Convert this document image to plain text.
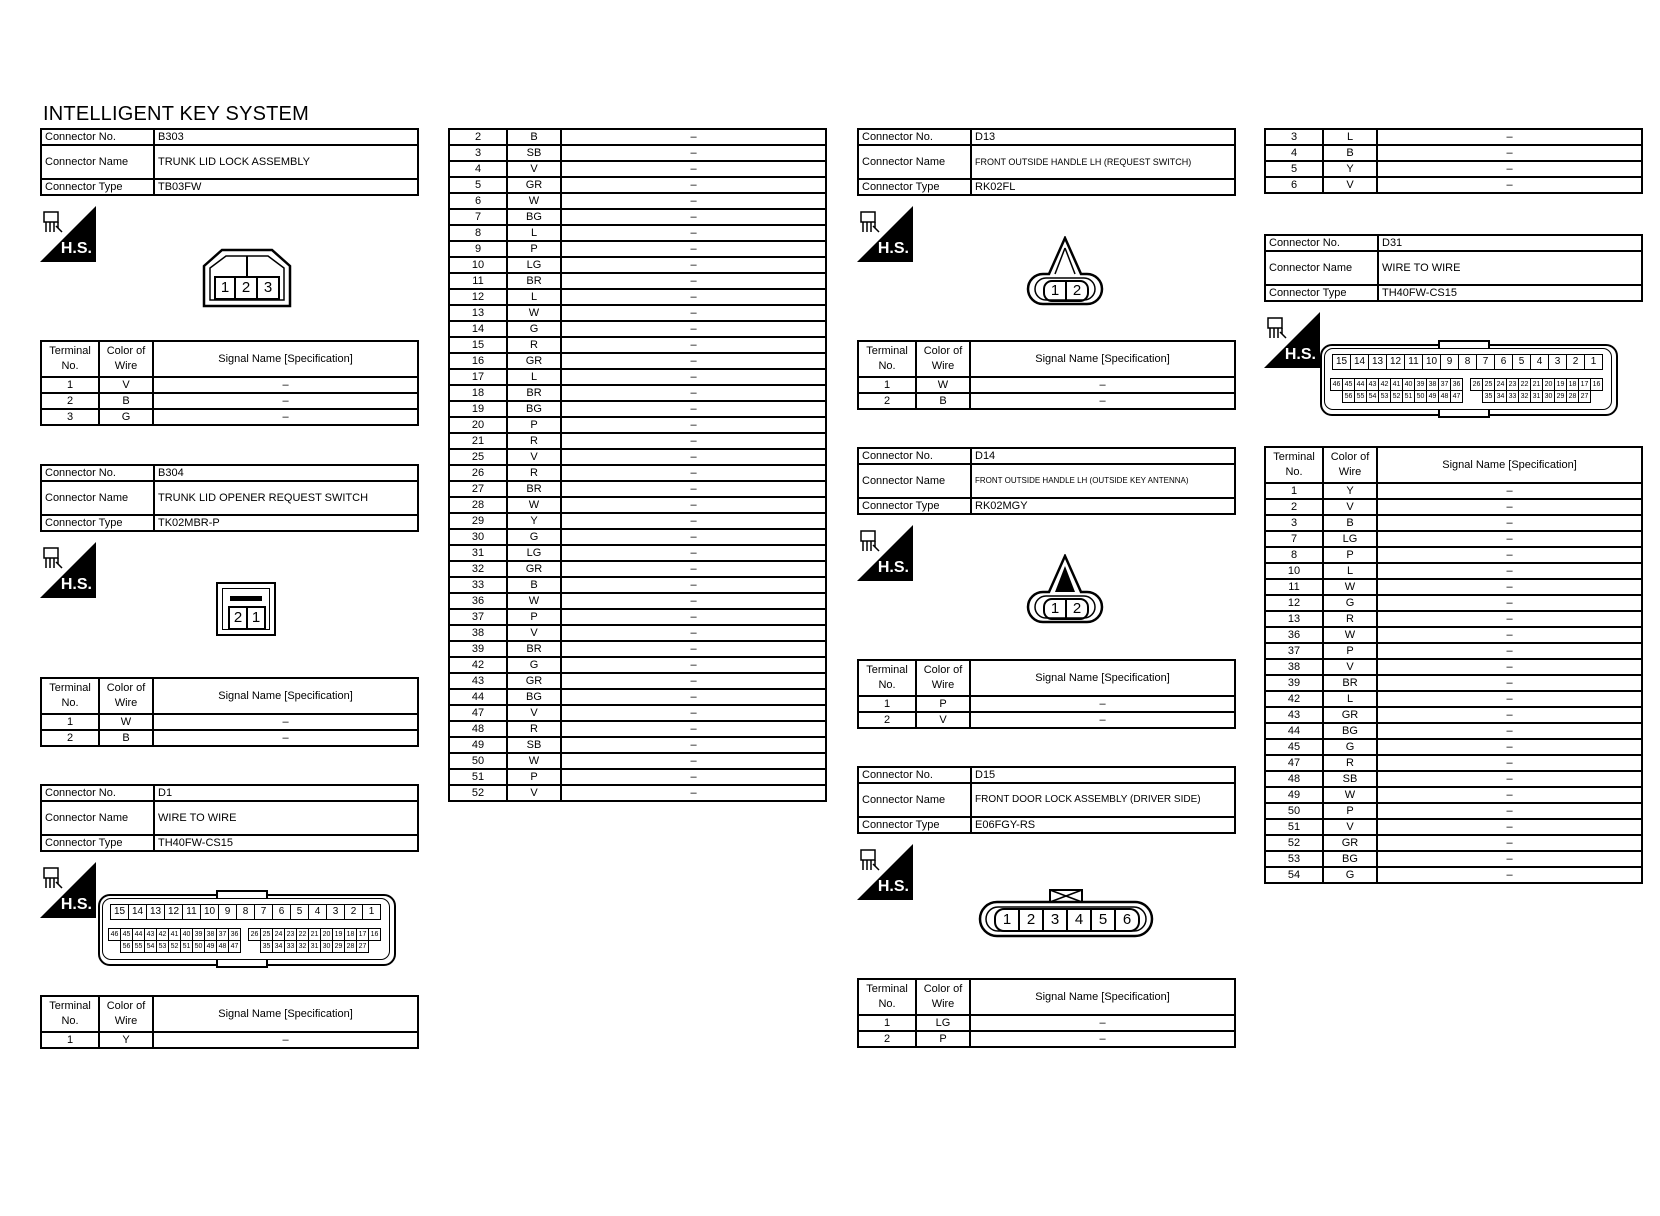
INTELLIGENT KEY SYSTEM
Connector No.	B303
Connector Name	TRUNK LID LOCK ASSEMBLY
Connector Type	TB03FW
H.S.
1 2 3
Terminal No.	Color of Wire	Signal Name [Specification]
1	V	–
2	B	–
3	G	–
Connector No.	B304
Connector Name	TRUNK LID OPENER REQUEST SWITCH
Connector Type	TK02MBR-P
H.S.
2 1
Terminal No.	Color of Wire	Signal Name [Specification]
1	W	–
2	B	–
Connector No.	D1
Connector Name	WIRE TO WIRE
Connector Type	TH40FW-CS15
H.S.	15 14 13 12 11 10 9	8	7	6	5	4	3	2	1
46 45 44 43 42 41 40 39 38 37 36	26 25 24 23 22 21 20 19 18 17 16
56 55 54 53 52 51 50 49 48 47	35 34 33 32 31 30 29 28 27
Terminal No.	Color of Wire	Signal Name [Specification]
1	Y	–
2	B	–
3	SB	–
4	V	–
5	GR	–
6	W	–
7	BG	–
8	L	–
9	P	–
10	LG	–
11	BR	–
12	L	–
13	W	–
14	G	–
15	R	–
16	GR	–
17	L	–
18	BR	–
19	BG	–
20	P	–
21	R	–
25	V	–
26	R	–
27	BR	–
28	W	–
29	Y	–
30	G	–
31	LG	–
32	GR	–
33	B	–
36	W	–
37	P	–
38	V	–
39	BR	–
42	G	–
43	GR	–
44	BG	–
47	V	–
48	R	–
49	SB	–
50	W	–
51	P	–
52	V	–
Connector No.	D13
Connector Name	FRONT OUTSIDE HANDLE LH (REQUEST SWITCH)
Connector Type	RK02FL
H.S.
1 2
Terminal No.	Color of Wire	Signal Name [Specification]
1	W	–
2	B	–
Connector No.	D14
Connector Name	FRONT OUTSIDE HANDLE LH (OUTSIDE KEY ANTENNA)
Connector Type	RK02MGY
H.S.
1 2
Terminal No.	Color of Wire	Signal Name [Specification]
1	P	–
2	V	–
Connector No.	D15
Connector Name	FRONT DOOR LOCK ASSEMBLY (DRIVER SIDE)
Connector Type	E06FGY-RS
H.S.
1	2	3	4	5	6
Terminal No.	Color of Wire	Signal Name [Specification]
1	LG	–
2	P	–
3	L	–
4	B	–
5	Y	–
6	V	–
Connector No.	D31
Connector Name	WIRE TO WIRE
Connector Type	TH40FW-CS15
H.S.	15 14 13 12 11 10 9	8	7	6	5	4	3	2	1
46 45 44 43 42 41 40 39 38 37 36	26 25 24 23 22 21 20 19 18 17 16
56 55 54 53 52 51 50 49 48 47	35 34 33 32 31 30 29 28 27
Terminal No.	Color of Wire	Signal Name [Specification]
1	Y	–
2	V	–
3	B	–
7	LG	–
8	P	–
10	L	–
11	W	–
12	G	–
13	R	–
36	W	–
37	P	–
38	V	–
39	BR	–
42	L	–
43	GR	–
44	BG	–
45	G	–
47	R	–
48	SB	–
49	W	–
50	P	–
51	V	–
52	GR	–
53	BG	–
54	G	–
